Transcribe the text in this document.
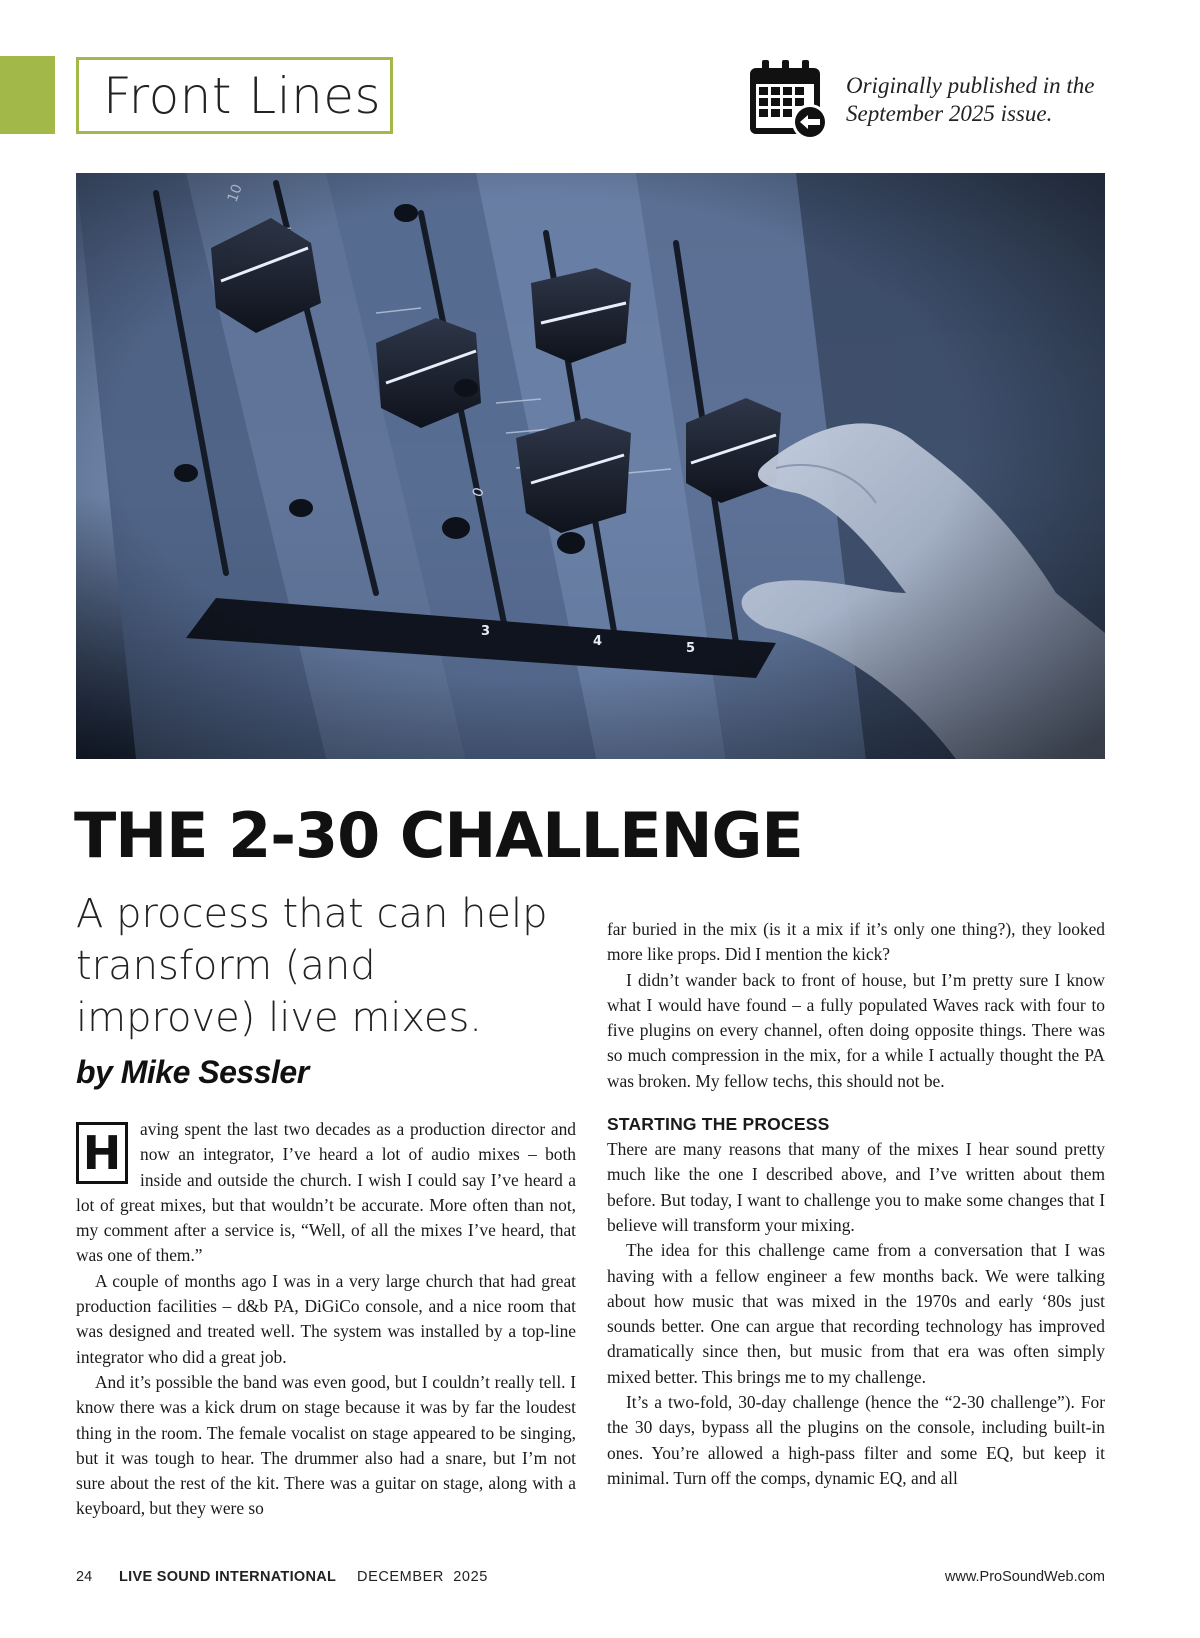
Front Lines	Originally published in the
September 2025 issue.
THE 2-30 CHALLENGE

A process that can help transform (and improve) live mixes.

by Mike Sessler
H	aving spent the last two decades as a production director and now an integrator, I’ve heard a lot of audio mixes – both inside and outside the church. I wish I could say I’ve heard a lot of great mixes, but that wouldn’t be accurate. More often than not, my comment after a service is, “Well, of all the mixes I’ve heard, that was one of them.”

A couple of months ago I was in a very large church that had great production facilities – d&b PA, DiGiCo console, and a nice room that was designed and treated well. The system was installed by a top-line integrator who did a great job.

And it’s possible the band was even good, but I couldn’t really tell. I know there was a kick drum on stage because it was by far the loudest thing in the room. The female vocalist on stage appeared to be singing, but it was tough to hear. The drummer also had a snare, but I’m not sure about the rest of the kit. There was a guitar on stage, along with a keyboard, but they were so

far buried in the mix (is it a mix if it’s only one thing?), they looked more like props. Did I mention the kick?

I didn’t wander back to front of house, but I’m pretty sure I know what I would have found – a fully populated Waves rack with four to five plugins on every channel, often doing opposite things. There was so much compression in the mix, for a while I actually thought the PA was broken. My fellow techs, this should not be.

STARTING THE PROCESS

There are many reasons that many of the mixes I hear sound pretty much like the one I described above, and I’ve written about them before. But today, I want to challenge you to make some changes that I believe will transform your mixing.

The idea for this challenge came from a conversation that I was having with a fellow engineer a few months back. We were talking about how music that was mixed in the 1970s and early ‘80s just sounds better. One can argue that recording technology has improved dramatically since then, but music from that era was often simply mixed better. This brings me to my challenge.

It’s a two-fold, 30-day challenge (hence the “2-30 challenge”). For the 30 days, bypass all the plugins on the console, including built-in ones. You’re allowed a high-pass filter and some EQ, but keep it minimal. Turn off the comps, dynamic EQ, and all

24 LIVE SOUND INTERNATIONAL DECEMBER  2025	www.ProSoundWeb.com
